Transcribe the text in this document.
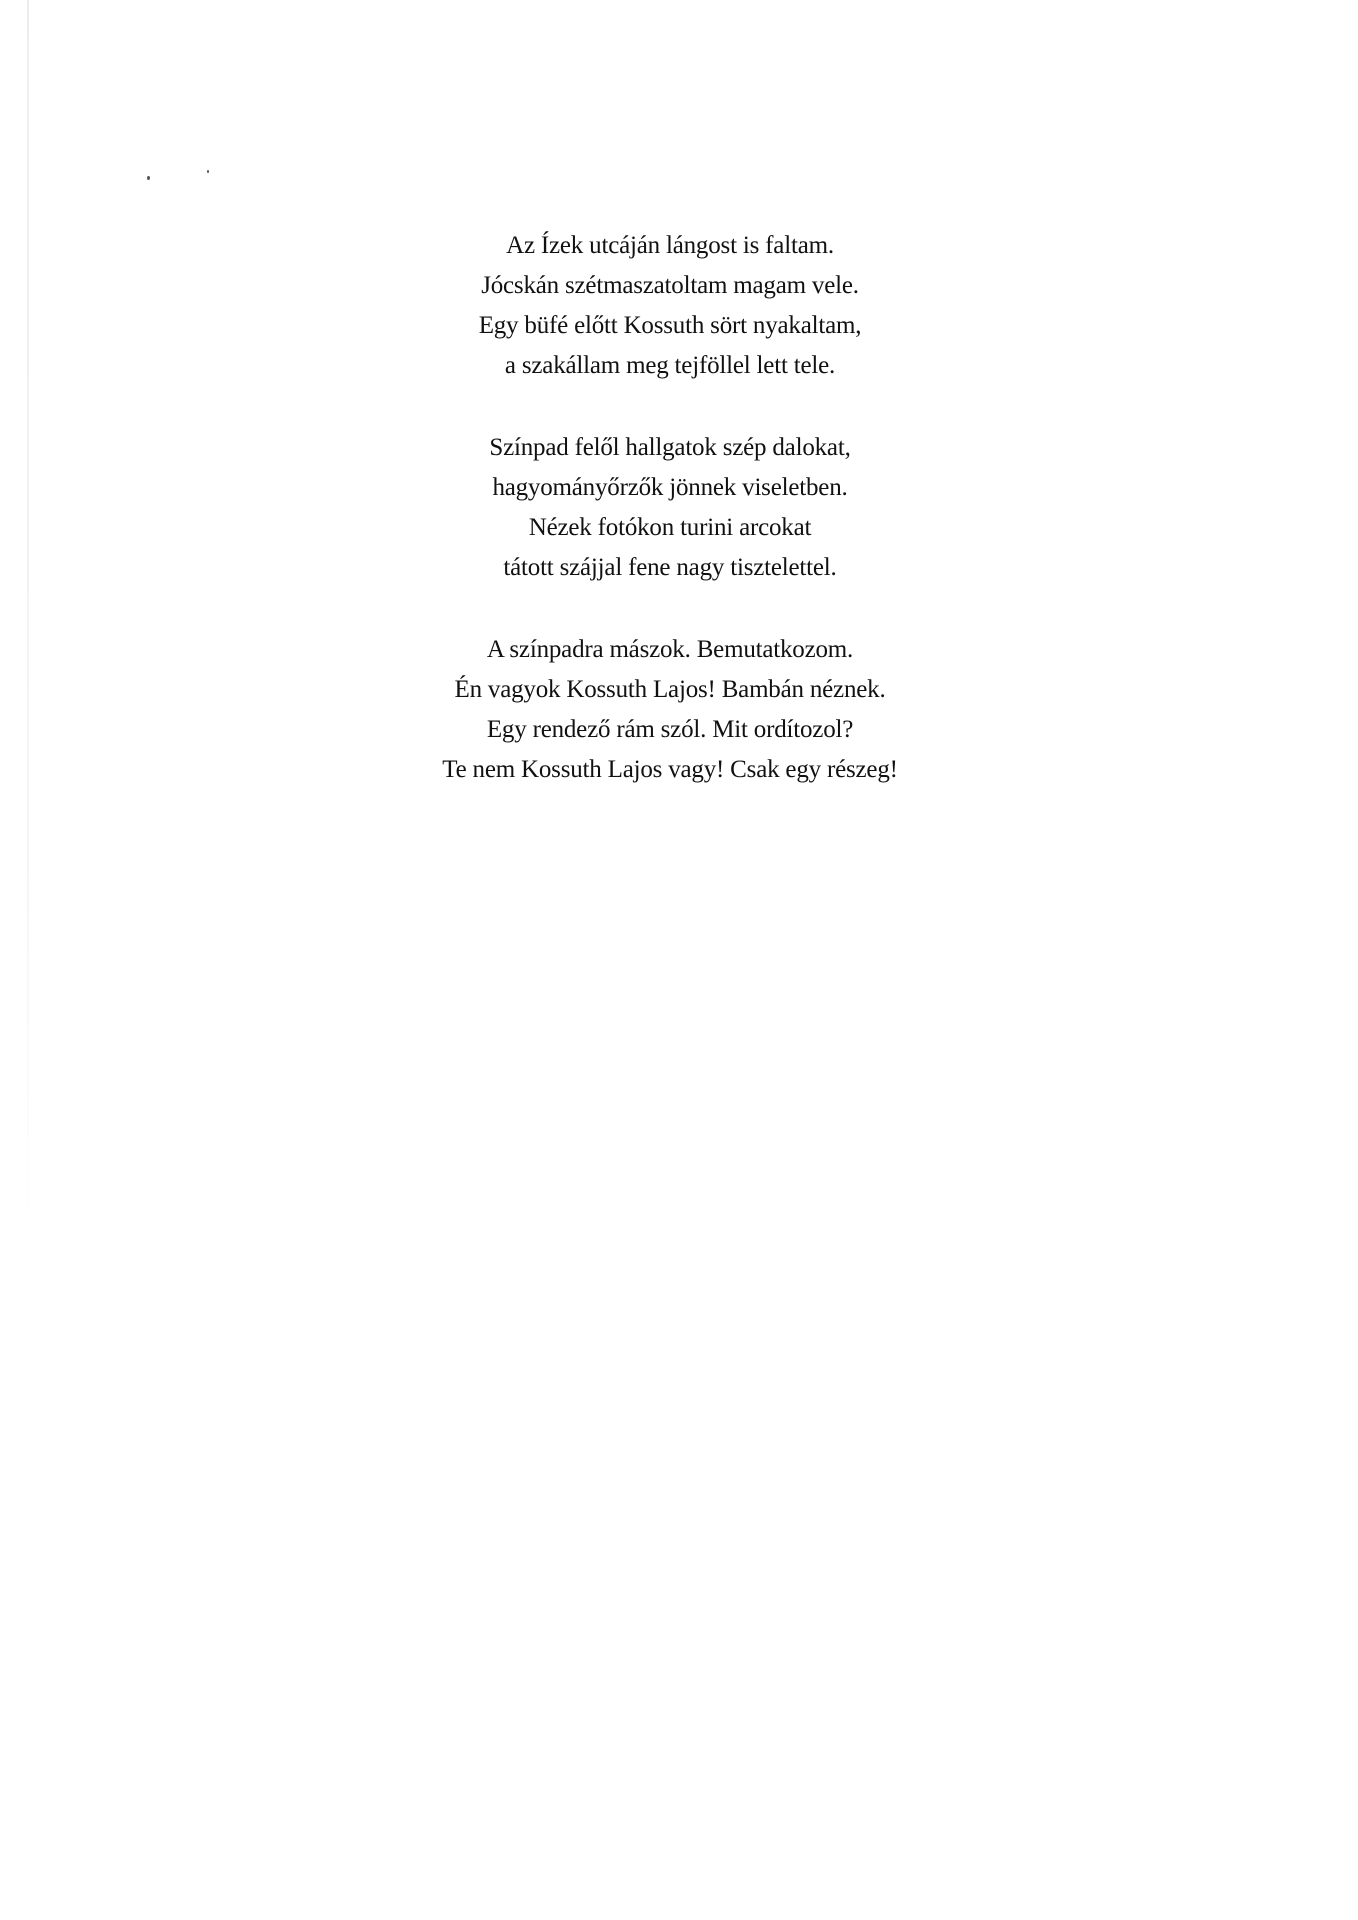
Az Ízek utcáján lángost is faltam.
Jócskán szétmaszatoltam magam vele.
Egy büfé előtt Kossuth sört nyakaltam,
a szakállam meg tejföllel lett tele.
Színpad felől hallgatok szép dalokat,
hagyományőrzők jönnek viseletben.
Nézek fotókon turini arcokat
tátott szájjal fene nagy tisztelettel.
A színpadra mászok. Bemutatkozom.
Én vagyok Kossuth Lajos! Bambán néznek.
Egy rendező rám szól. Mit ordítozol?
Te nem Kossuth Lajos vagy! Csak egy részeg!
